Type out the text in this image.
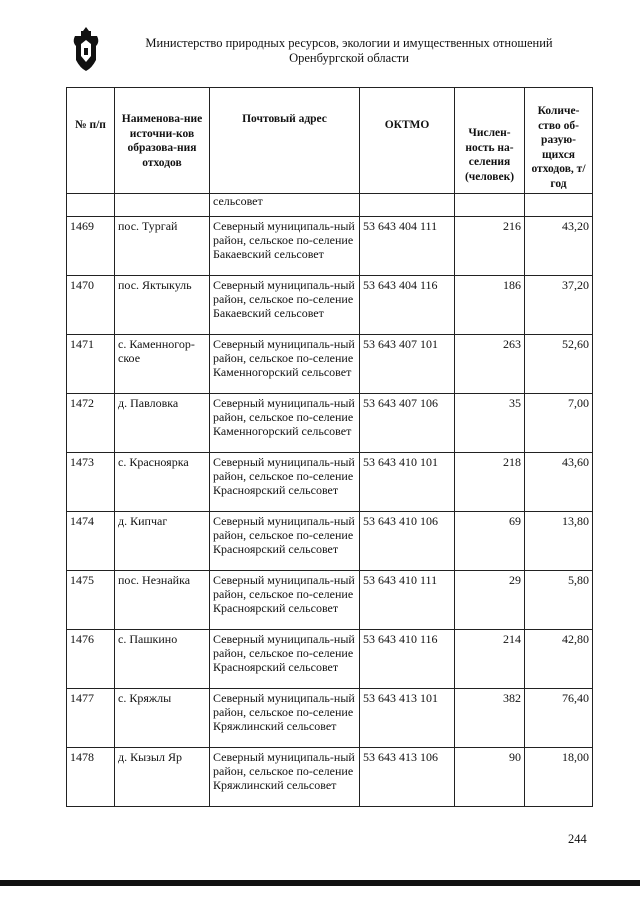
Министерство природных ресурсов, экологии и имущественных отношений
Оренбургской области
№ п/п	Наименова-ние источни-ков образова-ния отходов	Почтовый адрес	ОКТМО	Числен-ность на-селения (человек)	Количе-ство об-разую-щихся отходов, т/год
		сельсовет			
1469	пос. Тургай	Северный муниципаль-ный район, сельское по-селение Бакаевский сельсовет	53 643 404 111	216	43,20
1470	пос. Яктыкуль	Северный муниципаль-ный район, сельское по-селение Бакаевский сельсовет	53 643 404 116	186	37,20
1471	с. Каменногор-ское	Северный муниципаль-ный район, сельское по-селение Каменногорский сельсовет	53 643 407 101	263	52,60
1472	д. Павловка	Северный муниципаль-ный район, сельское по-селение Каменногорский сельсовет	53 643 407 106	35	7,00
1473	с. Красноярка	Северный муниципаль-ный район, сельское по-селение Красноярский сельсовет	53 643 410 101	218	43,60
1474	д. Кипчаг	Северный муниципаль-ный район, сельское по-селение Красноярский сельсовет	53 643 410 106	69	13,80
1475	пос. Незнайка	Северный муниципаль-ный район, сельское по-селение Красноярский сельсовет	53 643 410 111	29	5,80
1476	с. Пашкино	Северный муниципаль-ный район, сельское по-селение Красноярский сельсовет	53 643 410 116	214	42,80
1477	с. Кряжлы	Северный муниципаль-ный район, сельское по-селение Кряжлинский сельсовет	53 643 413 101	382	76,40
1478	д. Кызыл Яр	Северный муниципаль-ный район, сельское по-селение Кряжлинский сельсовет	53 643 413 106	90	18,00
244
